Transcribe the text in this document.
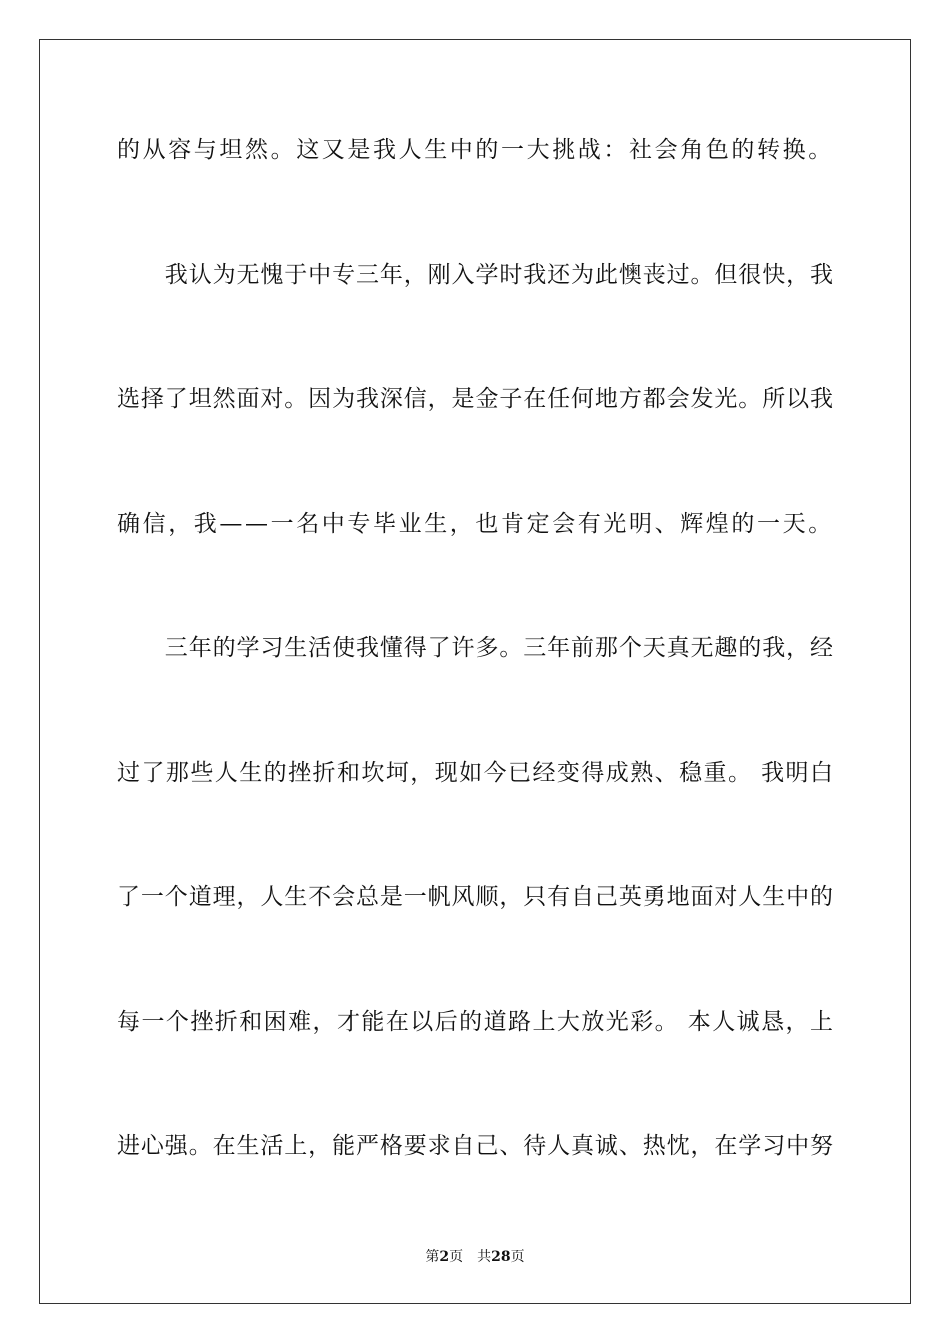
的从容与坦然。这又是我人生中的一大挑战：社会角色的转换。
　　我认为无愧于中专三年，刚入学时我还为此懊丧过。但很快，我
选择了坦然面对。因为我深信，是金子在任何地方都会发光。所以我
确信，我——一名中专毕业生，也肯定会有光明、辉煌的一天。
　　三年的学习生活使我懂得了许多。三年前那个天真无趣的我，经
过了那些人生的挫折和坎坷，现如今已经变得成熟、稳重。 我明白
了一个道理，人生不会总是一帆风顺，只有自己英勇地面对人生中的
每一个挫折和困难，才能在以后的道路上大放光彩。 本人诚恳，上
进心强。在生活上，能严格要求自己、待人真诚、热忱，在学习中努
第2页 共28页
